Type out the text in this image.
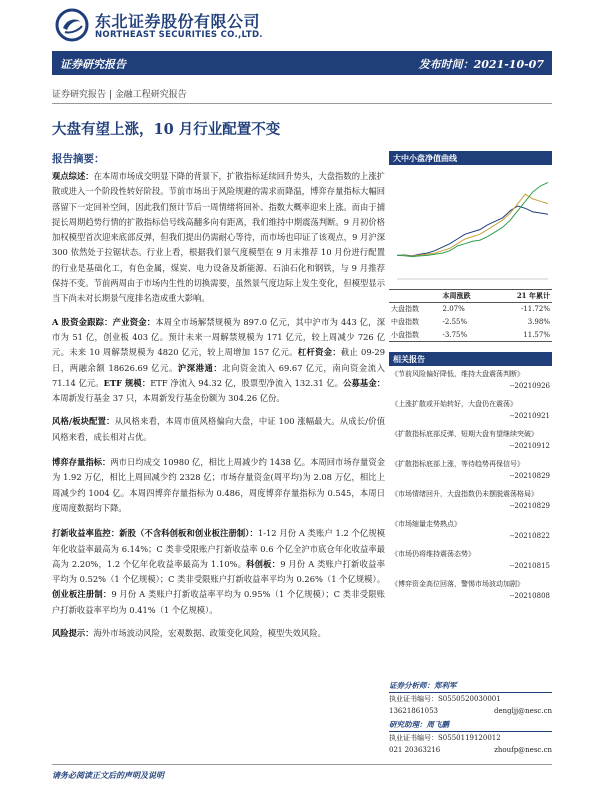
东北证券股份有限公司
NORTHEAST SECURITIES CO.,LTD.
证券研究报告	发布时间：2021-10-07
证券研究报告 | 金融工程研究报告
大盘有望上涨，10 月行业配置不变
报告摘要：

观点综述：在本周市场成交明显下降的背景下，扩散指标延续回升势头，大盘指数的上涨扩散或进入一个阶段性转好阶段。节前市场出于风险规避的需求而降温，博弈存量指标大幅回落留下一定回补空间，因此我们预计节后一周情绪将回补、指数大概率迎来上涨。而由于捕捉长周期趋势行情的扩散指标信号线高翻多向有距离，我们维持中期震荡判断。9 月初价格加权模型首次迎来底部反弹，但我们提出仍需耐心等待，而市场也印证了该观点，9 月沪深 300 依然处于拉锯状态。行业上看，根据我们景气度模型在 9 月末推荐 10 月份进行配置的行业是基础化工，有色金属，煤炭、电力设备及新能源、石油石化和钢铁，与 9 月推荐保持不变。节前两周由于市场内生性的切换需要，虽然景气度边际上发生变化，但模型显示当下尚未对长期景气度排名造成重大影响。

A 股资金跟踪：产业资金：本周全市场解禁规模为 897.0 亿元，其中沪市为 443 亿，深市为 51 亿，创业板 403 亿。预计未来一周解禁规模为 171 亿元，较上周减少 726 亿元。未来 10 周解禁规模为 4820 亿元，较上周增加 157 亿元。杠杆资金：截止 09-29 日，两融余额 18626.69 亿元。沪深港通：北向资金流入 69.67 亿元，南向资金流入 71.14 亿元。ETF 规模：ETF 净流入 94.32 亿，股票型净流入 132.31 亿。公募基金：本周新发行基金 37 只，本周新发行基金份额为 304.26 亿份。

风格/板块配置：从风格来看，本周市值风格偏向大盘，中证 100 涨幅最大。从成长/价值风格来看，成长相对占优。

博弈存量指标：两市日均成交 10980 亿，相比上周减少约 1438 亿。本周回市场存量资金为 1.92 万亿，相比上周回减少约 2328 亿；市场存量资金(周平均)为 2.08 万亿，相比上周减少约 1004 亿。本周四博弈存量指标为 0.486，周度博弈存量指标为 0.545，本周日度周度数据均下降。

打新收益率监控：新股（不含科创板和创业板注册制）：1-12 月份 A 类账户 1.2 个亿规模年化收益率最高为 6.14%；C 类非受限账户打新收益率 0.6 个亿全沪市底仓年化收益率最高为 2.20%，1.2 个亿年化收益率最高为 1.10%。科创板：9 月份 A 类账户打新收益率平均为 0.52%（1 个亿规模）；C 类非受限账户打新收益率平均为 0.26%（1 个亿规模）。创业板注册制：9 月份 A 类账户打新收益率平均为 0.95%（1 个亿规模）；C 类非受限账户打新收益率平均为 0.41%（1 个亿规模）。

风险提示：海外市场波动风险，宏观数据、政策变化风险，模型失效风险。

大中小盘净值曲线
	本周涨跌	21 年累计
大盘指数	2.07%	-11.72%
中盘指数	-2.55%	3.98%
小盘指数	-3.75%	11.57%
相关报告
《节前风险偏好降低，维持大盘震荡判断》
--20210926
《上涨扩散或开始转好，大盘仍在震荡》
--20210921
《扩散指标底部反弹，短期大盘有望继续突破》
--20210912
《扩散指标底部上涨，等待趋势再保信号》
--20210829
《市场情绪回升，大盘指数仍未摆脱震荡格局》
--20210829
《市场缩量走势熟点》
--20210822
《市场仍将维持震荡态势》
--20210815
《博弈资金高位回落，警惕市场波动加剧》
--20210808
证券分析师：郑利军
执业证书编号：S0550520030001
13621861053	dengljj@nesc.cn
研究助理：周飞鹏
执业证书编号：S0550119120012
021 20363216	zhoufp@nesc.cn
请务必阅读正文后的声明及说明
